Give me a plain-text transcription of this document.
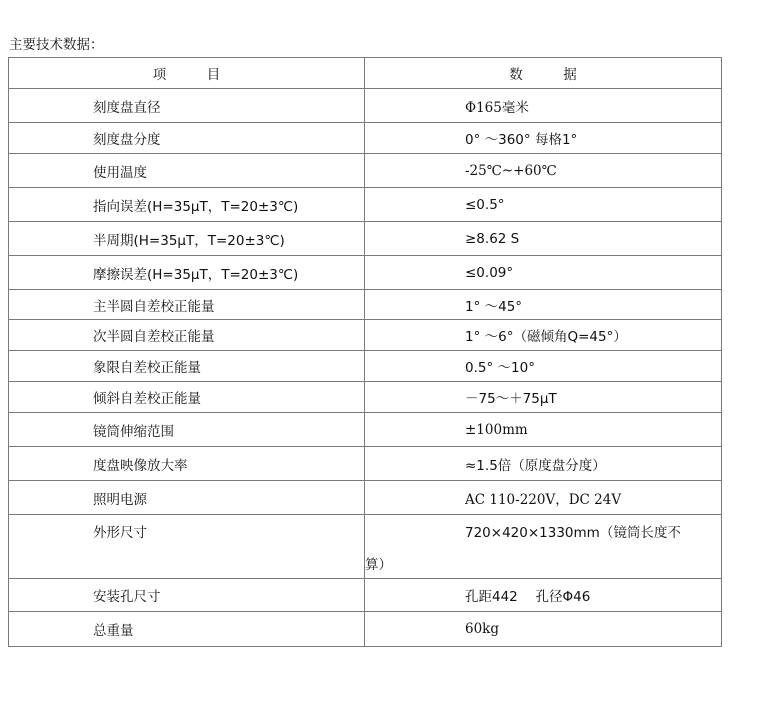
主要技术数据：
项　　　目	数　　　据
刻度盘直径	Φ165毫米
刻度盘分度	0° ～360° 每格1°
使用温度	-25℃~+60℃
指向误差(H=35μT，T=20±3℃)	≤0.5°
半周期(H=35μT，T=20±3℃)	≥8.62 S
摩擦误差(H=35μT，T=20±3℃)	≤0.09°
主半圆自差校正能量	1° ～45°
次半圆自差校正能量	1° ～6°（磁倾角Q=45°）
象限自差校正能量	0.5° ～10°
倾斜自差校正能量	－75～＋75μT
镜筒伸缩范围	±100mm
度盘映像放大率	≈1.5倍（原度盘分度）
照明电源	AC 110-220V，DC 24V

外形尺寸	720×420×1330mm（镜筒长度不
算）

安装孔尺寸	孔距442　 孔径Φ46
总重量	60kg
